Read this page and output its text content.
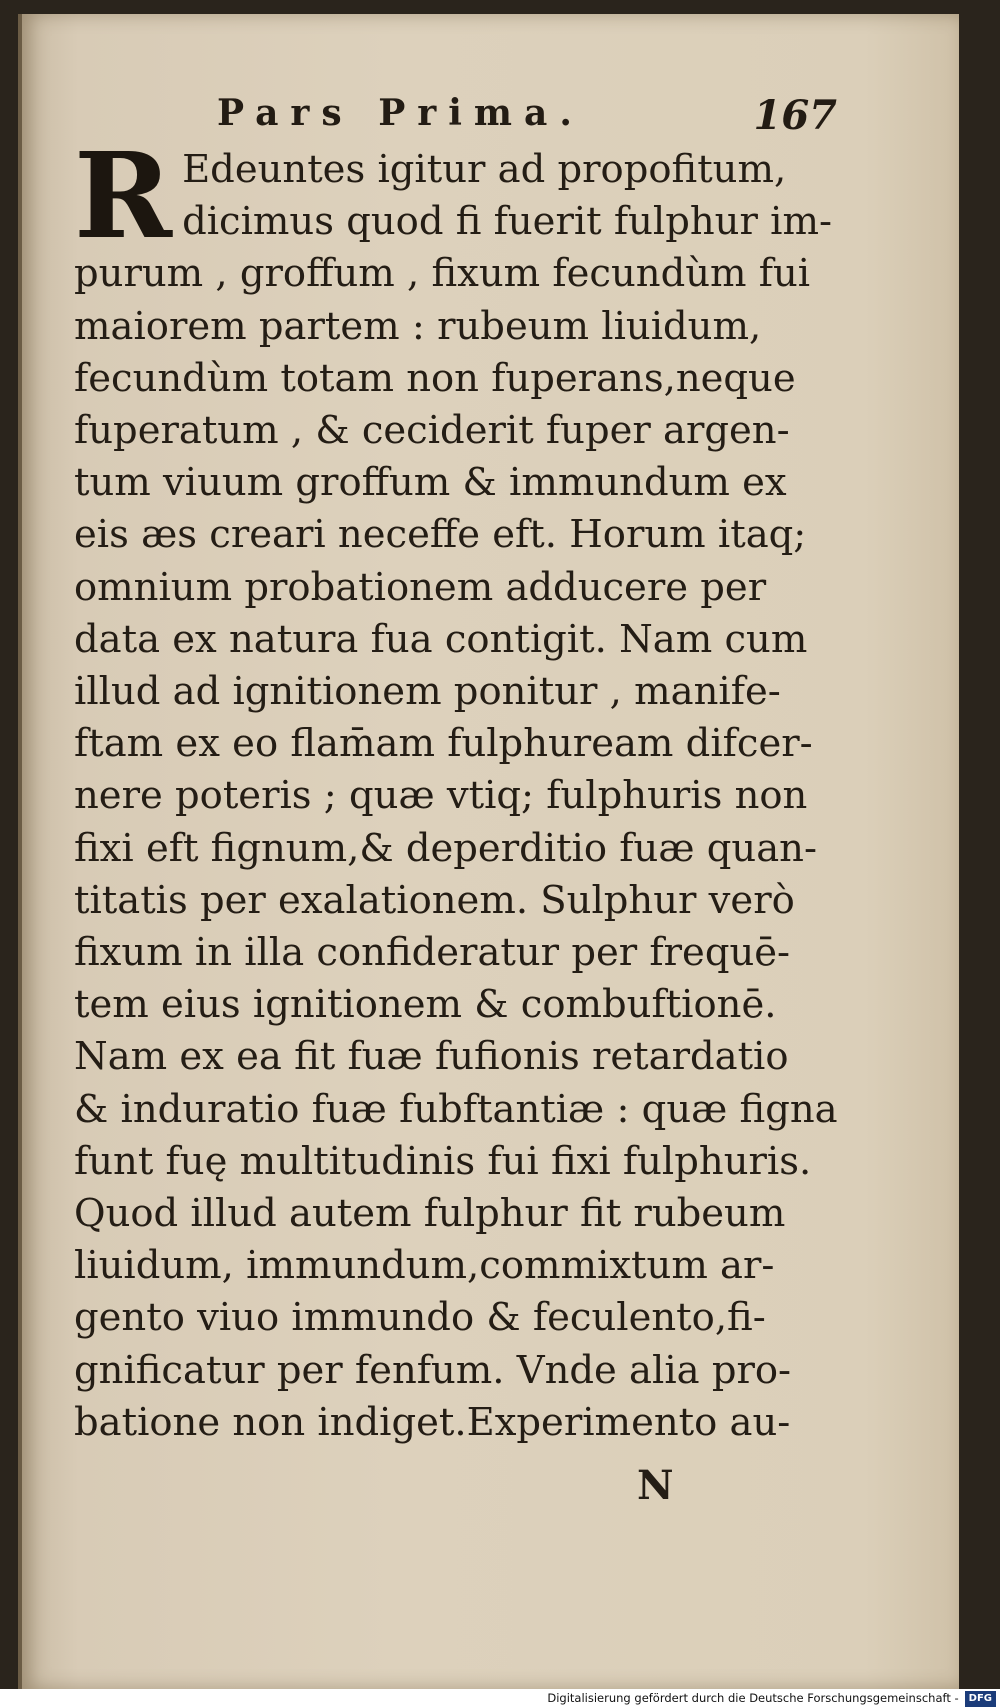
Pars Prima.	167
R Edeuntes igitur ad propofitum,
dicimus quod fi fuerit fulphur im-
purum , groffum , fixum fecundùm fui
maiorem partem : rubeum liuidum,
fecundùm totam non fuperans,neque
fuperatum , & ceciderit fuper argen-
tum viuum groffum & immundum ex
eis æs creari neceffe eft. Horum itaq;
omnium probationem adducere per
data ex natura fua contigit. Nam cum
illud ad ignitionem ponitur , manife-
ftam ex eo flam̄am fulphuream difcer-
nere poteris ; quæ vtiq; fulphuris non
fixi eft fignum,& deperditio fuæ quan-
titatis per exalationem. Sulphur verò
fixum in illa confideratur per frequē-
tem eius ignitionem & combuftionē.
Nam ex ea fit fuæ fufionis retardatio
& induratio fuæ fubftantiæ : quæ figna
funt fuę multitudinis fui fixi fulphuris.
Quod illud autem fulphur fit rubeum
liuidum, immundum,commixtum ar-
gento viuo immundo & feculento,fi-
gnificatur per fenfum. Vnde alia pro-
batione non indiget.Experimento au-
N
Digitalisierung gefördert durch die Deutsche Forschungsgemeinschaft - DFG
